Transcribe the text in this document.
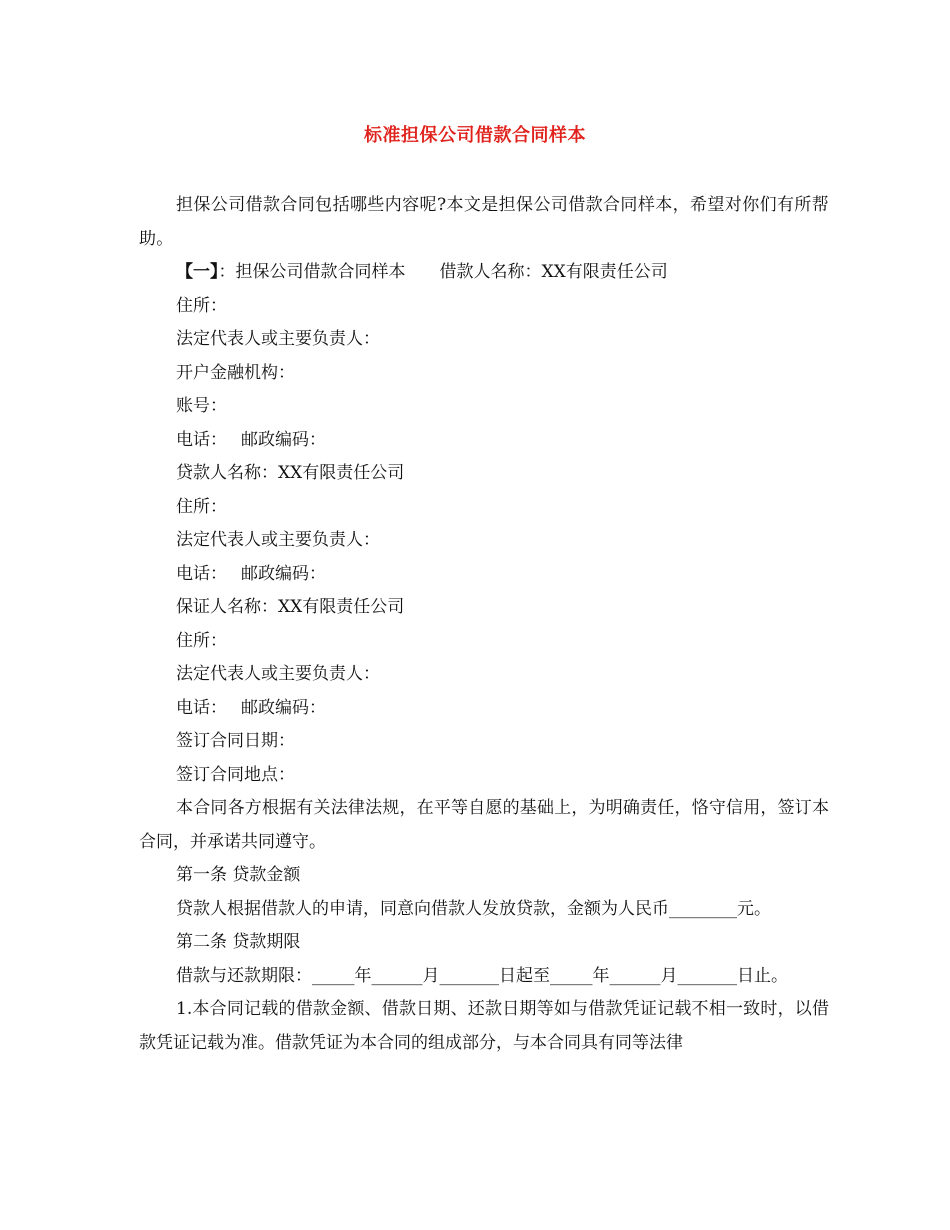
标准担保公司借款合同样本

担保公司借款合同包括哪些内容呢?本文是担保公司借款合同样本，希望对你们有所帮助。

【一】：担保公司借款合同样本 借款人名称：XX有限责任公司

住所：

法定代表人或主要负责人：

开户金融机构：

账号：

电话： 邮政编码：

贷款人名称：XX有限责任公司

住所：

法定代表人或主要负责人：

电话： 邮政编码：

保证人名称：XX有限责任公司

住所：

法定代表人或主要负责人：

电话： 邮政编码：

签订合同日期：

签订合同地点：

本合同各方根据有关法律法规，在平等自愿的基础上，为明确责任，恪守信用，签订本合同，并承诺共同遵守。

第一条 贷款金额

贷款人根据借款人的申请，同意向借款人发放贷款，金额为人民币________元。

第二条 贷款期限

借款与还款期限：_____年______月_______日起至_____年______月_______日止。

1.本合同记载的借款金额、借款日期、还款日期等如与借款凭证记载不相一致时，以借款凭证记载为准。借款凭证为本合同的组成部分，与本合同具有同等法律
